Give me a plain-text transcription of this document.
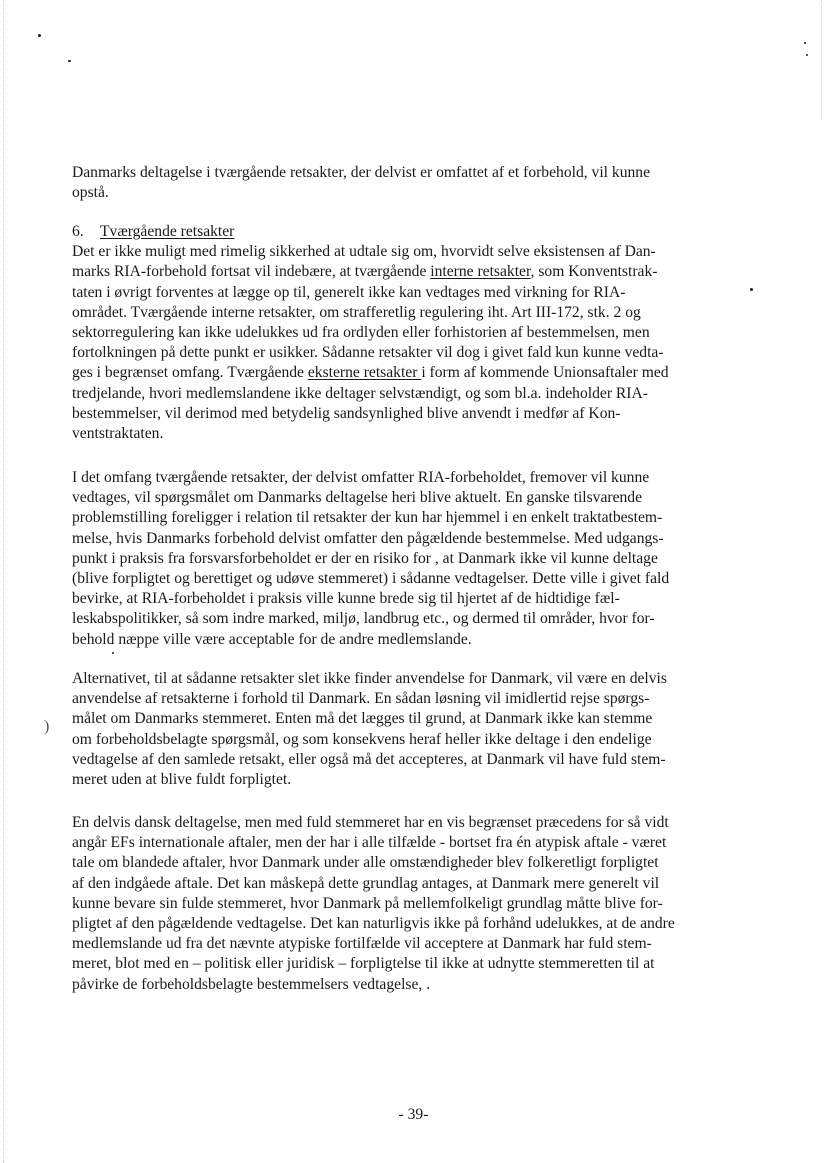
)
Danmarks deltagelse i tværgående retsakter, der delvist er omfattet af et forbehold, vil kunne
opstå.
6. Tværgående retsakter
Det er ikke muligt med rimelig sikkerhed at udtale sig om, hvorvidt selve eksistensen af Dan-
marks RIA-forbehold fortsat vil indebære, at tværgående interne retsakter, som Konventstrak-
taten i øvrigt forventes at lægge op til, generelt ikke kan vedtages med virkning for RIA-
området. Tværgående interne retsakter, om strafferetlig regulering iht. Art III-172, stk. 2 og
sektorregulering kan ikke udelukkes ud fra ordlyden eller forhistorien af bestemmelsen, men
fortolkningen på dette punkt er usikker. Sådanne retsakter vil dog i givet fald kun kunne vedta-
ges i begrænset omfang. Tværgående eksterne retsakter i form af kommende Unionsaftaler med
tredjelande, hvori medlemslandene ikke deltager selvstændigt, og som bl.a. indeholder RIA-
bestemmelser, vil derimod med betydelig sandsynlighed blive anvendt i medfør af Kon-
ventstraktaten.
I det omfang tværgående retsakter, der delvist omfatter RIA-forbeholdet, fremover vil kunne
vedtages, vil spørgsmålet om Danmarks deltagelse heri blive aktuelt. En ganske tilsvarende
problemstilling foreligger i relation til retsakter der kun har hjemmel i en enkelt traktatbestem-
melse, hvis Danmarks forbehold delvist omfatter den pågældende bestemmelse. Med udgangs-
punkt i praksis fra forsvarsforbeholdet er der en risiko for , at Danmark ikke vil kunne deltage
(blive forpligtet og berettiget og udøve stemmeret) i sådanne vedtagelser. Dette ville i givet fald
bevirke, at RIA-forbeholdet i praksis ville kunne brede sig til hjertet af de hidtidige fæl-
leskabspolitikker, så som indre marked, miljø, landbrug etc., og dermed til områder, hvor for-
behold næppe ville være acceptable for de andre medlemslande.
Alternativet, til at sådanne retsakter slet ikke finder anvendelse for Danmark, vil være en delvis
anvendelse af retsakterne i forhold til Danmark. En sådan løsning vil imidlertid rejse spørgs-
målet om Danmarks stemmeret. Enten må det lægges til grund, at Danmark ikke kan stemme
om forbeholdsbelagte spørgsmål, og som konsekvens heraf heller ikke deltage i den endelige
vedtagelse af den samlede retsakt, eller også må det accepteres, at Danmark vil have fuld stem-
meret uden at blive fuldt forpligtet.
En delvis dansk deltagelse, men med fuld stemmeret har en vis begrænset præcedens for så vidt
angår EFs internationale aftaler, men der har i alle tilfælde - bortset fra én atypisk aftale - været
tale om blandede aftaler, hvor Danmark under alle omstændigheder blev folkeretligt forpligtet
af den indgåede aftale. Det kan måskepå dette grundlag antages, at Danmark mere generelt vil
kunne bevare sin fulde stemmeret, hvor Danmark på mellemfolkeligt grundlag måtte blive for-
pligtet af den pågældende vedtagelse. Det kan naturligvis ikke på forhånd udelukkes, at de andre
medlemslande ud fra det nævnte atypiske fortilfælde vil acceptere at Danmark har fuld stem-
meret, blot med en – politisk eller juridisk – forpligtelse til ikke at udnytte stemmeretten til at
påvirke de forbeholdsbelagte bestemmelsers vedtagelse, .
- 39-
